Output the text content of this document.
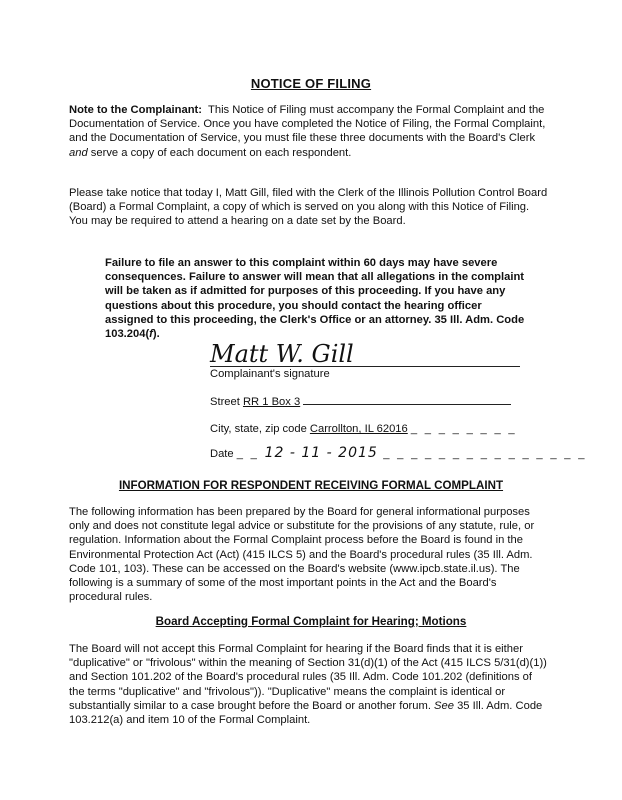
NOTICE OF FILING
Note to the Complainant: This Notice of Filing must accompany the Formal Complaint and the Documentation of Service. Once you have completed the Notice of Filing, the Formal Complaint, and the Documentation of Service, you must file these three documents with the Board's Clerk and serve a copy of each document on each respondent.
Please take notice that today I, Matt Gill, filed with the Clerk of the Illinois Pollution Control Board (Board) a Formal Complaint, a copy of which is served on you along with this Notice of Filing. You may be required to attend a hearing on a date set by the Board.
Failure to file an answer to this complaint within 60 days may have severe consequences. Failure to answer will mean that all allegations in the complaint will be taken as if admitted for purposes of this proceeding. If you have any questions about this procedure, you should contact the hearing officer assigned to this proceeding, the Clerk's Office or an attorney. 35 Ill. Adm. Code 103.204(f).
Matt W. Gill
Complainant's signature
Street RR 1 Box 3
City, state, zip code Carrollton, IL 62016 _ _ _ _ _ _ _ _
Date _ _ 12 - 11 - 2015 _ _ _ _ _ _ _ _ _ _ _ _ _ _ _
INFORMATION FOR RESPONDENT RECEIVING FORMAL COMPLAINT
The following information has been prepared by the Board for general informational purposes only and does not constitute legal advice or substitute for the provisions of any statute, rule, or regulation. Information about the Formal Complaint process before the Board is found in the Environmental Protection Act (Act) (415 ILCS 5) and the Board's procedural rules (35 Ill. Adm. Code 101, 103). These can be accessed on the Board's website (www.ipcb.state.il.us). The following is a summary of some of the most important points in the Act and the Board's procedural rules.
Board Accepting Formal Complaint for Hearing; Motions
The Board will not accept this Formal Complaint for hearing if the Board finds that it is either "duplicative" or "frivolous" within the meaning of Section 31(d)(1) of the Act (415 ILCS 5/31(d)(1)) and Section 101.202 of the Board's procedural rules (35 Ill. Adm. Code 101.202 (definitions of the terms "duplicative" and "frivolous")). "Duplicative" means the complaint is identical or substantially similar to a case brought before the Board or another forum. See 35 Ill. Adm. Code 103.212(a) and item 10 of the Formal Complaint.
